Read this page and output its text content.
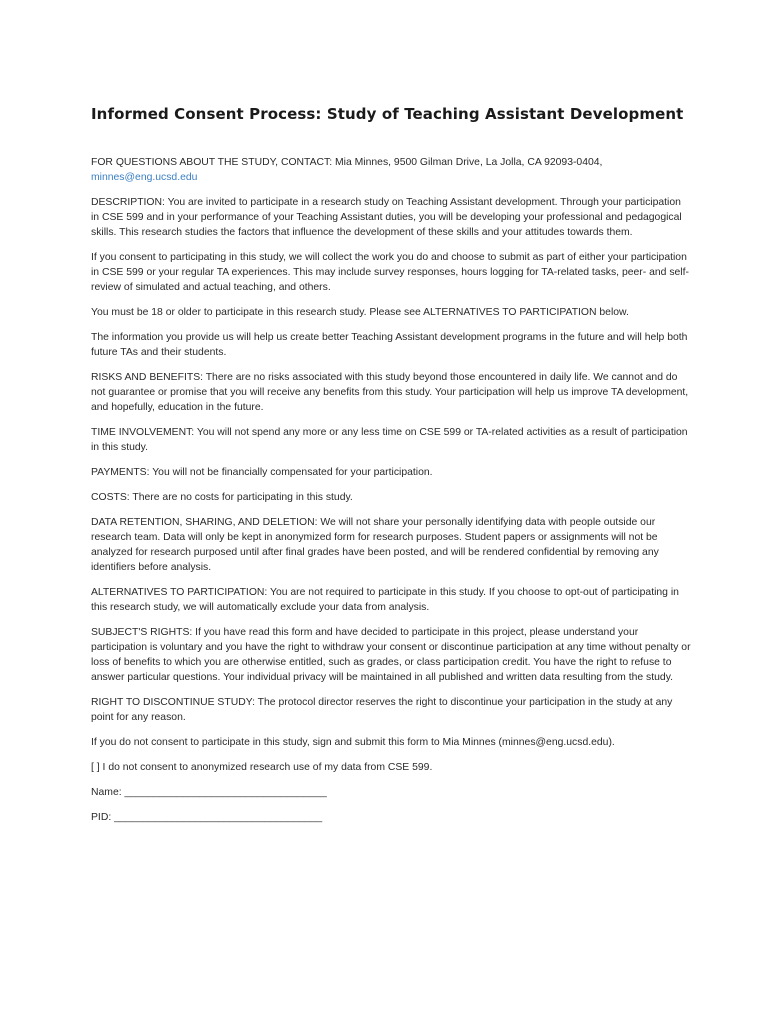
Informed Consent Process: Study of Teaching Assistant Development

FOR QUESTIONS ABOUT THE STUDY, CONTACT: Mia Minnes, 9500 Gilman Drive, La Jolla, CA 92093-0404,
minnes@eng.ucsd.edu

DESCRIPTION: You are invited to participate in a research study on Teaching Assistant development. Through your participation in CSE 599 and in your performance of your Teaching Assistant duties, you will be developing your professional and pedagogical skills. This research studies the factors that influence the development of these skills and your attitudes towards them.

If you consent to participating in this study, we will collect the work you do and choose to submit as part of either your participation in CSE 599 or your regular TA experiences. This may include survey responses, hours logging for TA-related tasks, peer- and self-review of simulated and actual teaching, and others.

You must be 18 or older to participate in this research study. Please see ALTERNATIVES TO PARTICIPATION below.

The information you provide us will help us create better Teaching Assistant development programs in the future and will help both future TAs and their students.

RISKS AND BENEFITS: There are no risks associated with this study beyond those encountered in daily life. We cannot and do not guarantee or promise that you will receive any benefits from this study. Your participation will help us improve TA development, and hopefully, education in the future.

TIME INVOLVEMENT: You will not spend any more or any less time on CSE 599 or TA-related activities as a result of participation in this study.

PAYMENTS: You will not be financially compensated for your participation.

COSTS: There are no costs for participating in this study.

DATA RETENTION, SHARING, AND DELETION: We will not share your personally identifying data with people outside our research team. Data will only be kept in anonymized form for research purposes. Student papers or assignments will not be analyzed for research purposed until after final grades have been posted, and will be rendered confidential by removing any identifiers before analysis.

ALTERNATIVES TO PARTICIPATION: You are not required to participate in this study. If you choose to opt-out of participating in this research study, we will automatically exclude your data from analysis.

SUBJECT'S RIGHTS: If you have read this form and have decided to participate in this project, please understand your participation is voluntary and you have the right to withdraw your consent or discontinue participation at any time without penalty or loss of benefits to which you are otherwise entitled, such as grades, or class participation credit. You have the right to refuse to answer particular questions. Your individual privacy will be maintained in all published and written data resulting from the study.

RIGHT TO DISCONTINUE STUDY: The protocol director reserves the right to discontinue your participation in the study at any point for any reason.

If you do not consent to participate in this study, sign and submit this form to Mia Minnes (minnes@eng.ucsd.edu).

[ ] I do not consent to anonymized research use of my data from CSE 599.

Name: ___________________________________

PID: ____________________________________
